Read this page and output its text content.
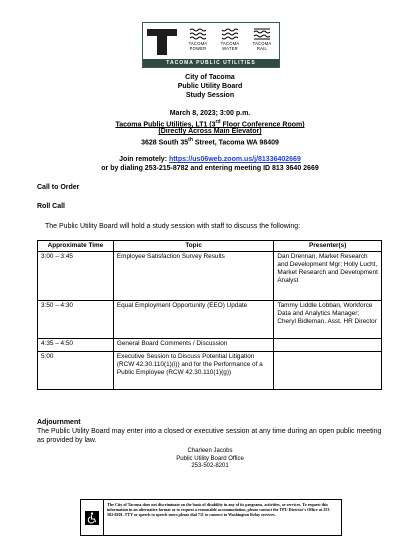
TACOMA
POWER
TACOMA
WATER
TACOMA
RAIL
TACOMA PUBLIC UTILITIES
City of Tacoma
Public Utility Board
Study Session
March 8, 2023; 3:00 p.m.
Tacoma Public Utilities, LT1 (3rd Floor Conference Room)
(Directly Across Main Elevator)
3628 South 35th Street, Tacoma WA 98409
Join remotely: https://us06web.zoom.us/j/81336402669
or by dialing 253-215-8782 and entering meeting ID 813 3640 2669
Call to Order
Roll Call
The Public Utility Board will hold a study session with staff to discuss the following:
Approximate Time	Topic	Presenter(s)
3:00 – 3:45	Employee Satisfaction Survey Results	Dan Drennan, Market Research and Development Mgr; Holly Lucht, Market Research and Development Analyst
3:50 – 4:30	Equal Employment Opportunity (EEO) Update	Tammy Liddle Lobban, Workforce Data and Analytics Manager; Cheryl Bidleman, Asst. HR Director
4:35 – 4:50	General Board Comments / Discussion	
5:00	Executive Session to Discuss Potential Litigation (RCW 42.30.110(1)(i)) and for the Performance of a Public Employee (RCW 42.30.110(1)(g))	
Adjournment
The Public Utility Board may enter into a closed or executive session at any time during an open public meeting as provided by law.
Charleen Jacobs
Public Utility Board Office
253-502-8201
The City of Tacoma does not discriminate on the basis of disability in any of its programs, activities, or services. To request this information in an alternative format or to request a reasonable accommodation, please contact the TPU Director's Office at 253-502-8201. TTY or speech to speech users please dial 711 to connect to Washington Relay services.
